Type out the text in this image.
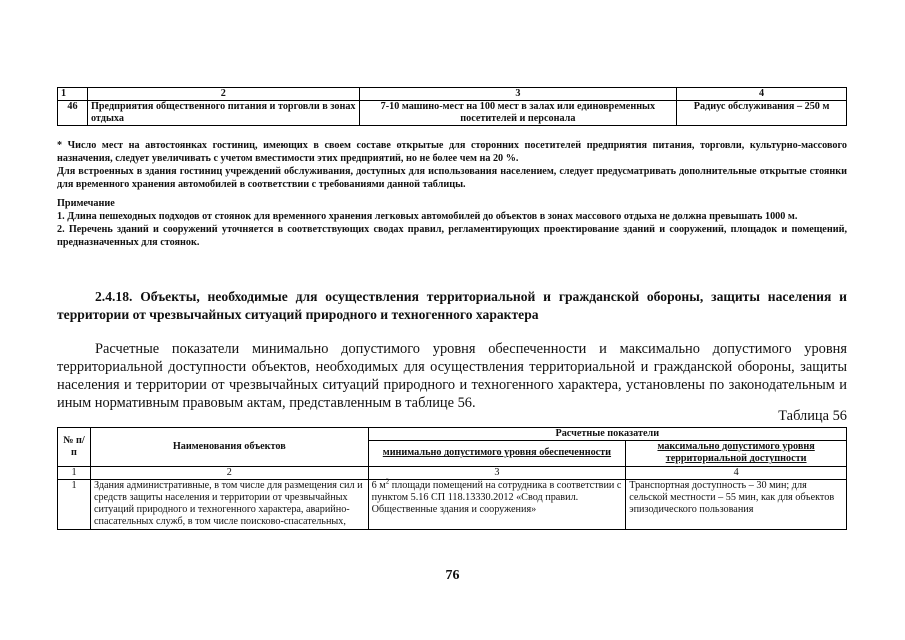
1	2	3	4
46	Предприятия общественного питания и торговли в зонах отдыха	7-10 машино-мест на 100 мест в залах или единовременных посетителей и персонала	Радиус обслуживания – 250 м

* Число мест на автостоянках гостиниц, имеющих в своем составе открытые для сторонних посетителей предприятия питания, торговли, культурно-массового назначения, следует увеличивать с учетом вместимости этих предприятий, но не более чем на 20 %.

Для встроенных в здания гостиниц учреждений обслуживания, доступных для использования населением, следует предусматривать дополнительные открытые стоянки для временного хранения автомобилей в соответствии с требованиями данной таблицы.

Примечание

1. Длина пешеходных подходов от стоянок для временного хранения легковых автомобилей до объектов в зонах массового отдыха не должна превышать 1000 м.

2. Перечень зданий и сооружений уточняется в соответствующих сводах правил, регламентирующих проектирование зданий и сооружений, площадок и помещений, предназначенных для стоянок.

2.4.18. Объекты, необходимые для осуществления территориальной и гражданской обороны, защиты населения и территории от чрезвычайных ситуаций природного и техногенного характера
Расчетные показатели минимально допустимого уровня обеспеченности и максимально допустимого уровня территориальной доступности объектов, необходимых для осуществления территориальной и гражданской обороны, защиты населения и территории от чрезвычайных ситуаций природного и техногенного характера, установлены по законодательным и иным нормативным правовым актам, представленным в таблице 56.
Таблица 56
№ п/п	Наименования объектов	Расчетные показатели	
		минимально допустимого уровня обеспеченности	максимально допустимого уровня территориальной доступности
1	2	3	4
1	Здания административные, в том числе для размещения сил и средств защиты населения и территории от чрезвычайных ситуаций природного и техногенного характера, аварийно-спасательных служб, в том числе поисково-спасательных,	6 $м^2$ площади помещений на сотрудника в соответствии с пунктом 5.16 СП 118.13330.2012 «Свод правил. Общественные здания и сооружения»	Транспортная доступность – 30 мин; для сельской местности – 55 мин, как для объектов эпизодического пользования
76
